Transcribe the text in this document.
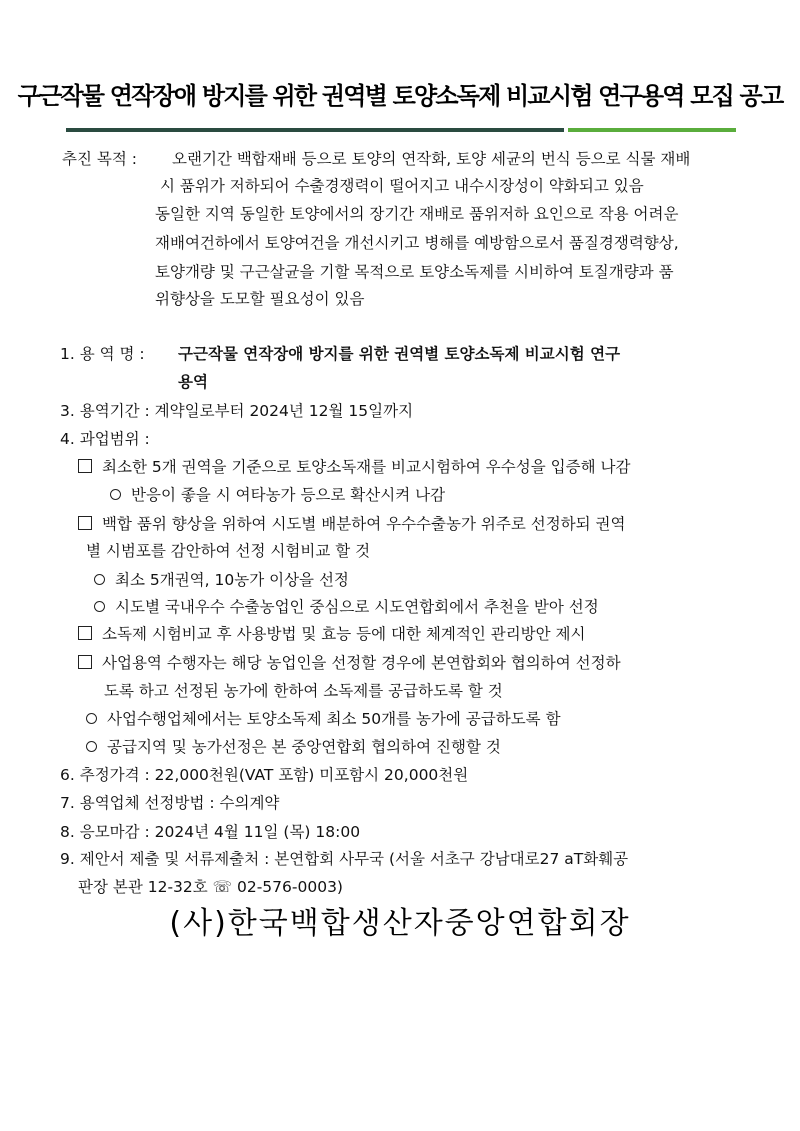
구근작물 연작장애 방지를 위한 권역별 토양소독제 비교시험 연구용역 모집 공고
추진 목적 : 오랜기간 백합재배 등으로 토양의 연작화, 토양 세균의 번식 등으로 식물 재배
시 품위가 저하되어 수출경쟁력이 떨어지고 내수시장성이 약화되고 있음
동일한 지역 동일한 토양에서의 장기간 재배로 품위저하 요인으로 작용 어려운
재배여건하에서 토양여건을 개선시키고 병해를 예방함으로서 품질경쟁력향상,
토양개량 및 구근살균을 기할 목적으로 토양소독제를 시비하여 토질개량과 품
위향상을 도모할 필요성이 있음
1. 용 역 명 : 구근작물 연작장애 방지를 위한 권역별 토양소독제 비교시험 연구
용역
3. 용역기간 : 계약일로부터 2024년 12월 15일까지
4. 과업범위 :
최소한 5개 권역을 기준으로 토양소독재를 비교시험하여 우수성을 입증해 나감
반응이 좋을 시 여타농가 등으로 확산시켜 나감
백합 품위 향상을 위하여 시도별 배분하여 우수수출농가 위주로 선정하되 권역
별 시범포를 감안하여 선정 시험비교 할 것
최소 5개권역, 10농가 이상을 선정
시도별 국내우수 수출농업인 중심으로 시도연합회에서 추천을 받아 선정
소독제 시험비교 후 사용방법 및 효능 등에 대한 체계적인 관리방안 제시
사업용역 수행자는 해당 농업인을 선정할 경우에 본연합회와 협의하여 선정하
도록 하고 선정된 농가에 한하여 소독제를 공급하도록 할 것
사업수행업체에서는 토양소독제 최소 50개를 농가에 공급하도록 함
공급지역 및 농가선정은 본 중앙연합회 협의하여 진행할 것
6. 추정가격 : 22,000천원(VAT 포함) 미포함시 20,000천원
7. 용역업체 선정방법 : 수의계약
8. 응모마감 : 2024년 4월 11일 (목) 18:00
9. 제안서 제출 및 서류제출처 : 본연합회 사무국 (서울 서초구 강남대로27 aT화훼공
판장 본관 12-32호 ☏ 02-576-0003)
(사)한국백합생산자중앙연합회장
